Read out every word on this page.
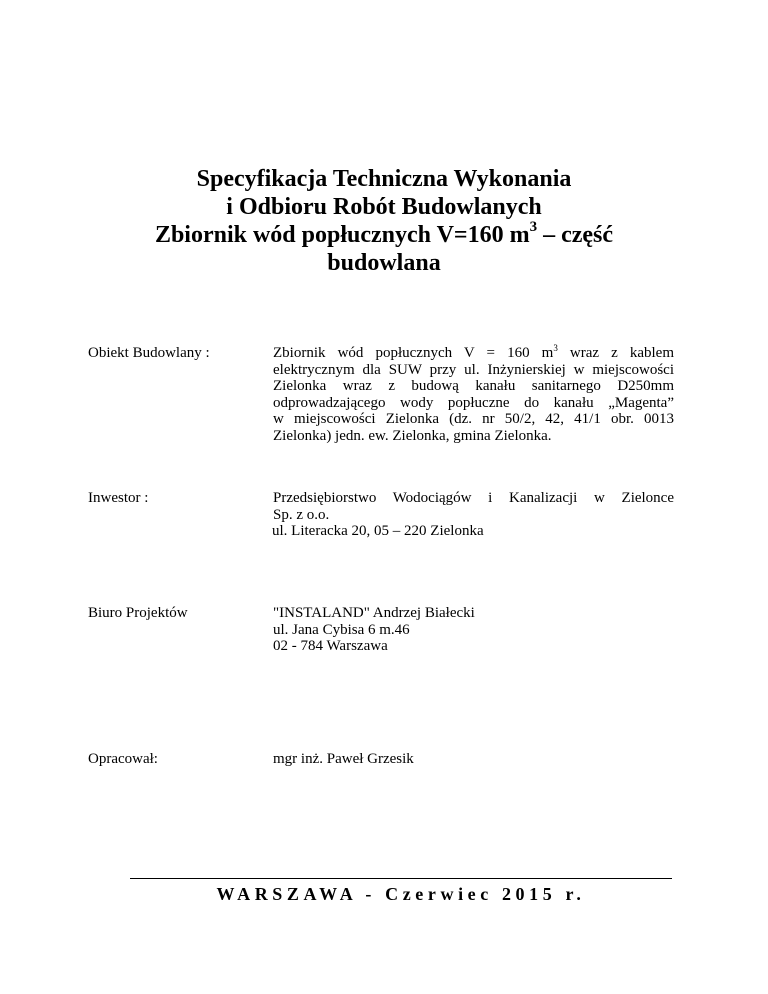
Specyfikacja Techniczna Wykonania
i Odbioru Robót Budowlanych
Zbiornik wód popłucznych V=160 $m^3$ – część
budowlana
Obiekt Budowlany :	Zbiornik wód popłucznych V = 160 $m^3$ wraz z kablem
elektrycznym dla SUW przy ul. Inżynierskiej w miejscowości
Zielonka wraz z budową kanału sanitarnego D250mm
odprowadzającego wody popłuczne do kanału „Magenta”
w miejscowości Zielonka (dz. nr 50/2, 42, 41/1 obr. 0013
Zielonka) jedn. ew. Zielonka, gmina Zielonka.
Inwestor :	Przedsiębiorstwo Wodociągów i Kanalizacji w Zielonce
Sp. z o.o.
ul. Literacka 20, 05 – 220 Zielonka
Biuro Projektów	"INSTALAND" Andrzej Białecki
ul. Jana Cybisa 6 m.46
02 - 784 Warszawa
Opracował:	mgr inż. Paweł Grzesik
WARSZAWA - Czerwiec 2015 r.
